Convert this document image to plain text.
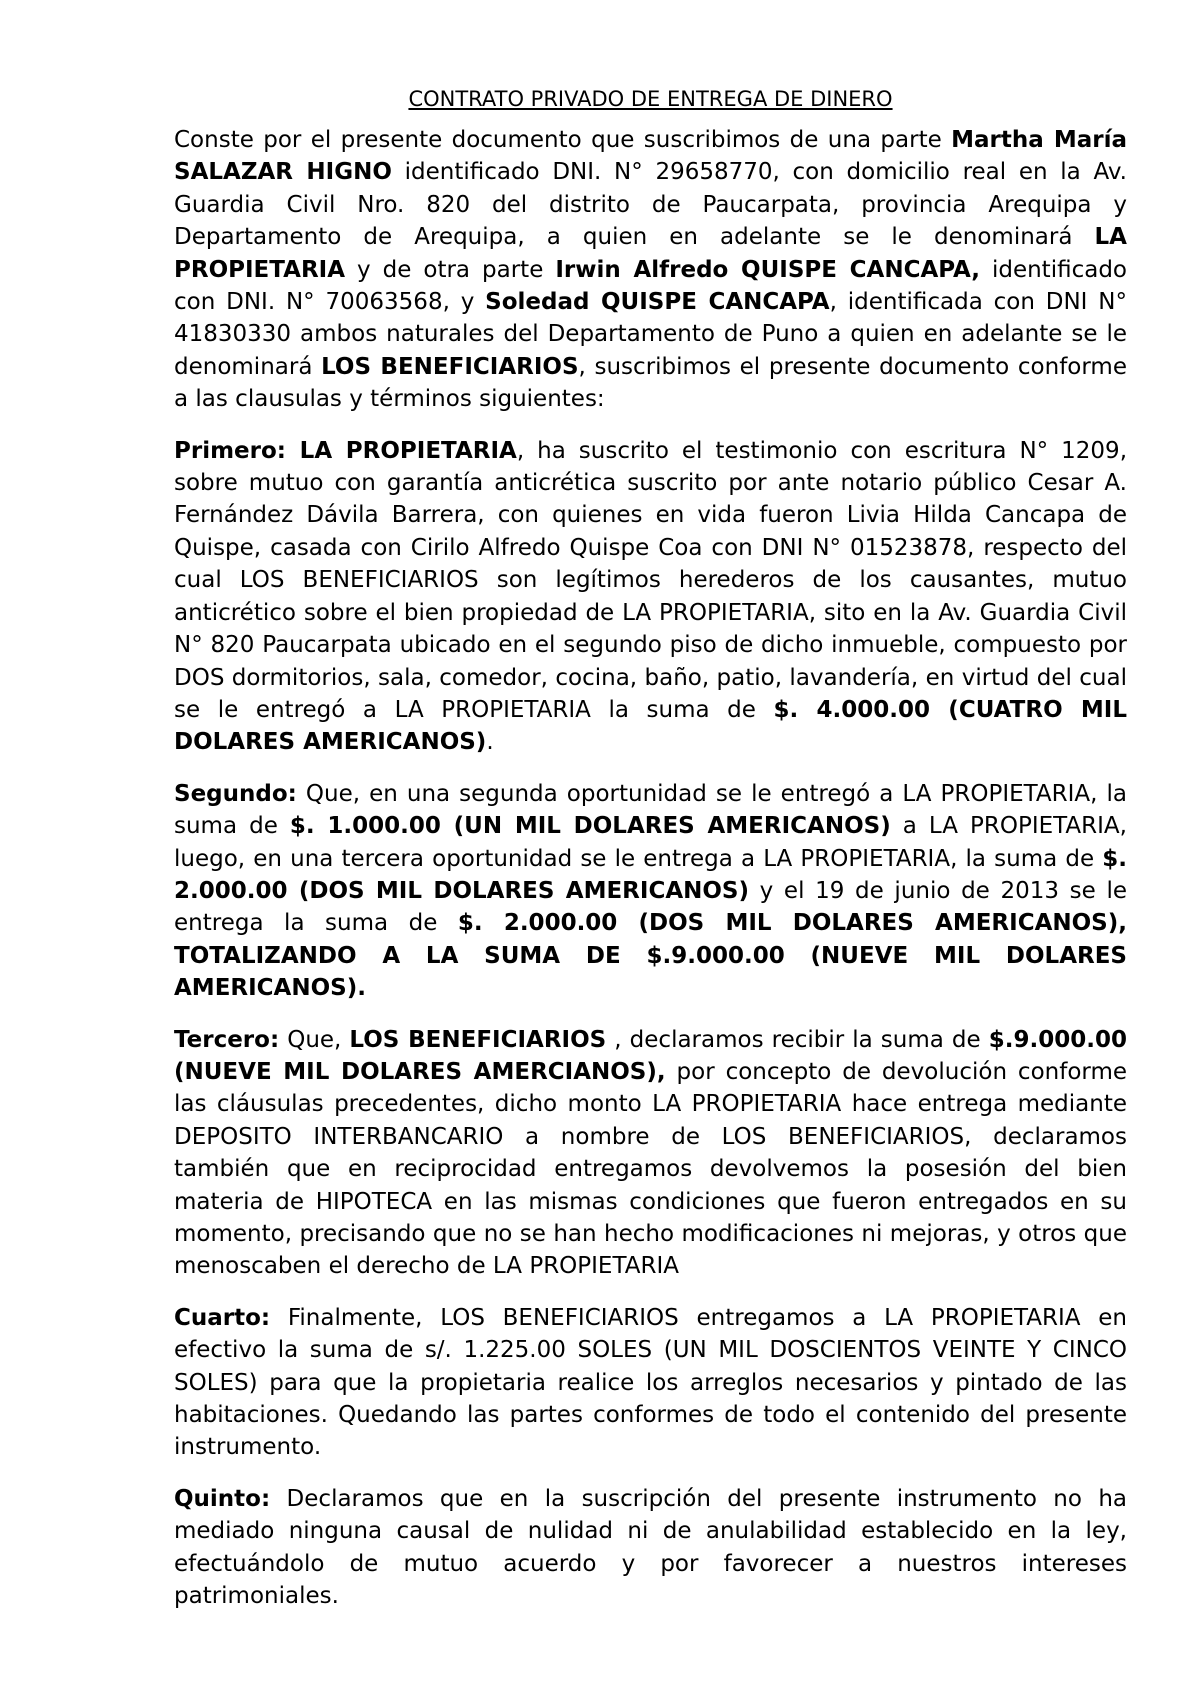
CONTRATO PRIVADO DE ENTREGA DE DINERO

Conste por el presente documento que suscribimos de una parte Martha María SALAZAR HIGNO identificado DNI. N° 29658770, con domicilio real en la Av. Guardia Civil Nro. 820 del distrito de Paucarpata, provincia Arequipa y Departamento de Arequipa, a quien en adelante se le denominará LA PROPIETARIA y de otra parte Irwin Alfredo QUISPE CANCAPA, identificado con DNI. N° 70063568, y Soledad QUISPE CANCAPA, identificada con DNI N° 41830330 ambos naturales del Departamento de Puno a quien en adelante se le denominará LOS BENEFICIARIOS, suscribimos el presente documento conforme a las clausulas y términos siguientes:

Primero: LA PROPIETARIA, ha suscrito el testimonio con escritura N° 1209, sobre mutuo con garantía anticrética suscrito por ante notario público Cesar A. Fernández Dávila Barrera, con quienes en vida fueron Livia Hilda Cancapa de Quispe, casada con Cirilo Alfredo Quispe Coa con DNI N° 01523878, respecto del cual LOS BENEFICIARIOS son legítimos herederos de los causantes, mutuo anticrético sobre el bien propiedad de LA PROPIETARIA, sito en la Av. Guardia Civil N° 820 Paucarpata ubicado en el segundo piso de dicho inmueble, compuesto por DOS dormitorios, sala, comedor, cocina, baño, patio, lavandería, en virtud del cual se le entregó a LA PROPIETARIA la suma de $. 4.000.00 (CUATRO MIL DOLARES AMERICANOS).

Segundo: Que, en una segunda oportunidad se le entregó a LA PROPIETARIA, la suma de $. 1.000.00 (UN MIL DOLARES AMERICANOS) a LA PROPIETARIA, luego, en una tercera oportunidad se le entrega a LA PROPIETARIA, la suma de $. 2.000.00 (DOS MIL DOLARES AMERICANOS) y el 19 de junio de 2013 se le entrega la suma de $. 2.000.00 (DOS MIL DOLARES AMERICANOS), TOTALIZANDO A LA SUMA DE $.9.000.00 (NUEVE MIL DOLARES AMERICANOS).

Tercero: Que, LOS BENEFICIARIOS , declaramos recibir la suma de $.9.000.00 (NUEVE MIL DOLARES AMERCIANOS), por concepto de devolución conforme las cláusulas precedentes, dicho monto LA PROPIETARIA hace entrega mediante DEPOSITO INTERBANCARIO a nombre de LOS BENEFICIARIOS, declaramos también que en reciprocidad entregamos devolvemos la posesión del bien materia de HIPOTECA en las mismas condiciones que fueron entregados en su momento, precisando que no se han hecho modificaciones ni mejoras, y otros que menoscaben el derecho de LA PROPIETARIA

Cuarto: Finalmente, LOS BENEFICIARIOS entregamos a LA PROPIETARIA en efectivo la suma de s/. 1.225.00 SOLES (UN MIL DOSCIENTOS VEINTE Y CINCO SOLES) para que la propietaria realice los arreglos necesarios y pintado de las habitaciones. Quedando las partes conformes de todo el contenido del presente instrumento.

Quinto: Declaramos que en la suscripción del presente instrumento no ha mediado ninguna causal de nulidad ni de anulabilidad establecido en la ley, efectuándolo de mutuo acuerdo y por favorecer a nuestros intereses patrimoniales.
